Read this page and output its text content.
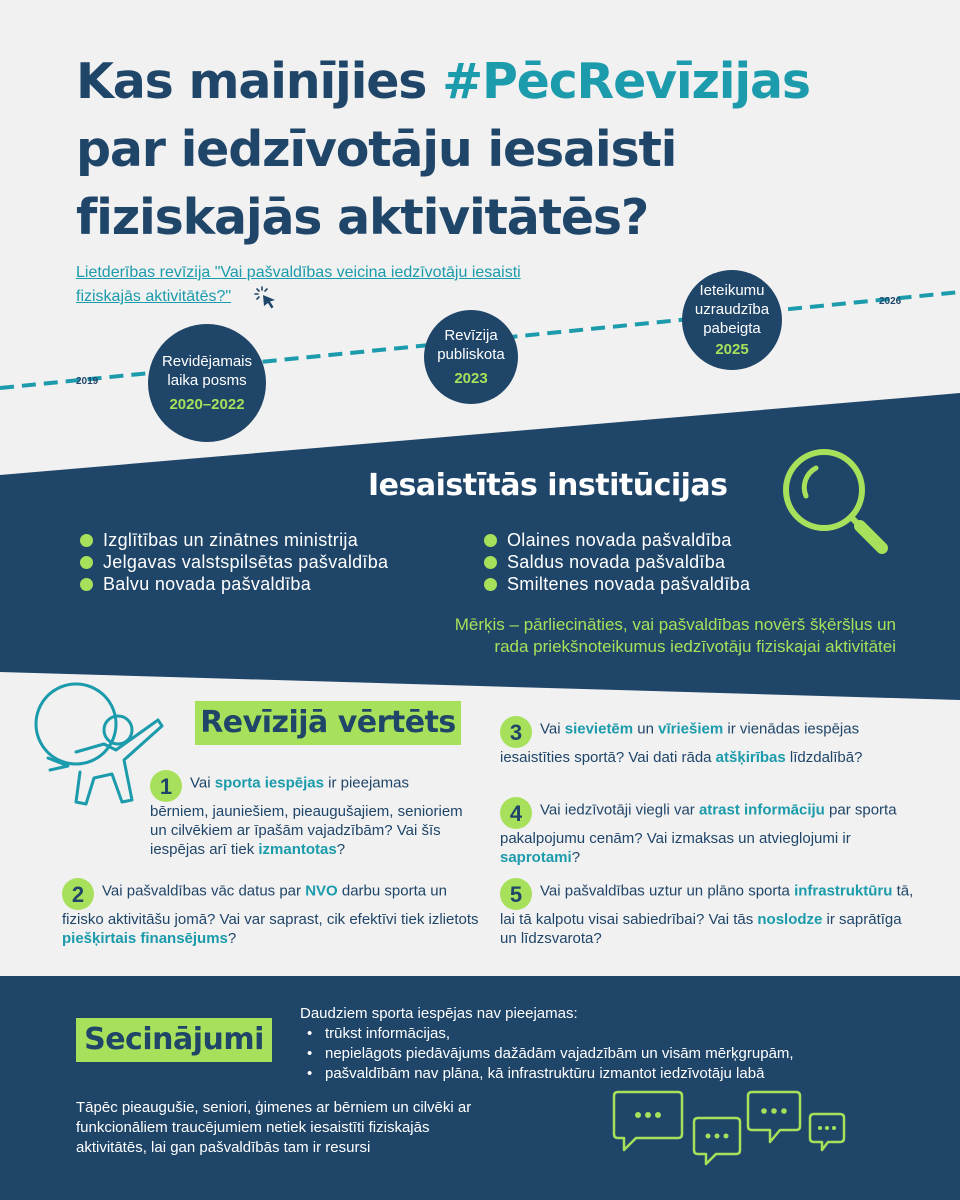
Kas mainījies #PēcRevīzijas
par iedzīvotāju iesaisti
fiziskajās aktivitātēs?
Lietderības revīzija "Vai pašvaldības veicina iedzīvotāju iesaisti
fiziskajās aktivitātēs?"
2019
2026
Revidējamais
laika posms
2020–2022
Revīzija
publiskota
2023
Ieteikumu
uzraudzība
pabeigta
2025
Iesaistītās institūcijas
Izglītības un zinātnes ministrija
Jelgavas valstspilsētas pašvaldība
Balvu novada pašvaldība
Olaines novada pašvaldība
Saldus novada pašvaldība
Smiltenes novada pašvaldība

Mērķis – pārliecināties, vai pašvaldības novērš šķēršļus un
rada priekšnoteikumus iedzīvotāju fiziskajai aktivitātei

Revīzijā vērtēts
1 Vai sporta iespējas ir pieejamas bērniem, jauniešiem, pieaugušajiem, senioriem un cilvēkiem ar īpašām vajadzībām? Vai šīs iespējas arī tiek izmantotas?
2 Vai pašvaldības vāc datus par NVO darbu sporta un fizisko aktivitāšu jomā? Vai var saprast, cik efektīvi tiek izlietots piešķirtais finansējums?
3 Vai sievietēm un vīriešiem ir vienādas iespējas iesaistīties sportā? Vai dati rāda atšķirības līdzdalībā?
4 Vai iedzīvotāji viegli var atrast informāciju par sporta pakalpojumu cenām? Vai izmaksas un atvieglojumi ir saprotami?
5 Vai pašvaldības uztur un plāno sporta infrastruktūru tā, lai tā kalpotu visai sabiedrībai? Vai tās noslodze ir saprātīga un līdzsvarota?
Secinājumi

Daudziem sporta iespējas nav pieejamas:

• trūkst informācijas,
• nepielāgots piedāvājums dažādām vajadzībām un visām mērķgrupām,
• pašvaldībām nav plāna, kā infrastruktūru izmantot iedzīvotāju labā

Tāpēc pieaugušie, seniori, ģimenes ar bērniem un cilvēki ar
funkcionāliem traucējumiem netiek iesaistīti fiziskajās
aktivitātēs, lai gan pašvaldībās tam ir resursi
